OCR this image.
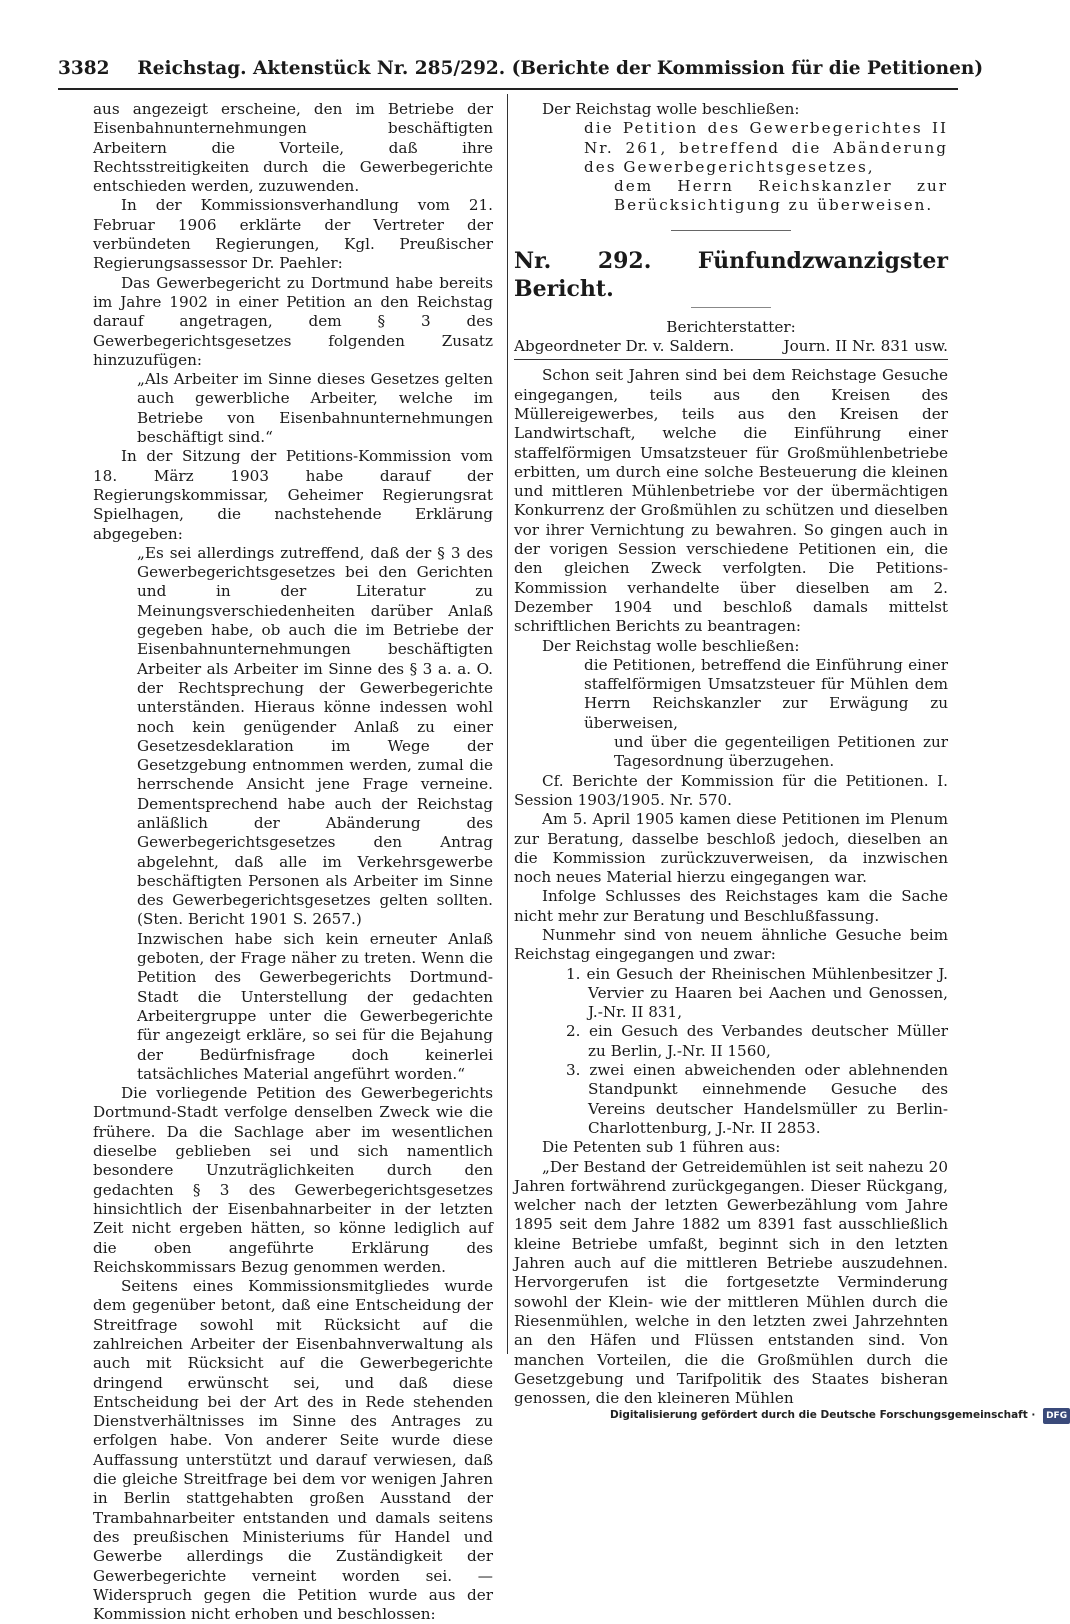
3382 Reichstag. Aktenstück Nr. 285/292. (Berichte der Kommission für die Petitionen)

aus angezeigt erscheine, den im Betriebe der Eisenbahnunternehmungen beschäftigten Arbeitern die Vorteile, daß ihre Rechtsstreitigkeiten durch die Gewerbegerichte entschieden werden, zuzuwenden.

In der Kommissionsverhandlung vom 21. Februar 1906 erklärte der Vertreter der verbündeten Regierungen, Kgl. Preußischer Regierungsassessor Dr. Paehler:

Das Gewerbegericht zu Dortmund habe bereits im Jahre 1902 in einer Petition an den Reichstag darauf angetragen, dem § 3 des Gewerbegerichtsgesetzes folgenden Zusatz hinzuzufügen:

„Als Arbeiter im Sinne dieses Gesetzes gelten auch gewerbliche Arbeiter, welche im Betriebe von Eisenbahnunternehmungen beschäftigt sind.“

In der Sitzung der Petitions-Kommission vom 18. März 1903 habe darauf der Regierungskommissar, Geheimer Regierungsrat Spielhagen, die nachstehende Erklärung abgegeben:

„Es sei allerdings zutreffend, daß der § 3 des Gewerbegerichtsgesetzes bei den Gerichten und in der Literatur zu Meinungsverschiedenheiten darüber Anlaß gegeben habe, ob auch die im Betriebe der Eisenbahnunternehmungen beschäftigten Arbeiter als Arbeiter im Sinne des § 3 a. a. O. der Rechtsprechung der Gewerbegerichte unterständen. Hieraus könne indessen wohl noch kein genügender Anlaß zu einer Gesetzesdeklaration im Wege der Gesetzgebung entnommen werden, zumal die herrschende Ansicht jene Frage verneine. Dementsprechend habe auch der Reichstag anläßlich der Abänderung des Gewerbegerichtsgesetzes den Antrag abgelehnt, daß alle im Verkehrsgewerbe beschäftigten Personen als Arbeiter im Sinne des Gewerbegerichtsgesetzes gelten sollten. (Sten. Bericht 1901 S. 2657.)

Inzwischen habe sich kein erneuter Anlaß geboten, der Frage näher zu treten. Wenn die Petition des Gewerbegerichts Dortmund-Stadt die Unterstellung der gedachten Arbeitergruppe unter die Gewerbegerichte für angezeigt erkläre, so sei für die Bejahung der Bedürfnisfrage doch keinerlei tatsächliches Material angeführt worden.“

Die vorliegende Petition des Gewerbegerichts Dortmund-Stadt verfolge denselben Zweck wie die frühere. Da die Sachlage aber im wesentlichen dieselbe geblieben sei und sich namentlich besondere Unzuträglichkeiten durch den gedachten § 3 des Gewerbegerichtsgesetzes hinsichtlich der Eisenbahnarbeiter in der letzten Zeit nicht ergeben hätten, so könne lediglich auf die oben angeführte Erklärung des Reichskommissars Bezug genommen werden.

Seitens eines Kommissionsmitgliedes wurde dem gegenüber betont, daß eine Entscheidung der Streitfrage sowohl mit Rücksicht auf die zahlreichen Arbeiter der Eisenbahnverwaltung als auch mit Rücksicht auf die Gewerbegerichte dringend erwünscht sei, und daß diese Entscheidung bei der Art des in Rede stehenden Dienstverhältnisses im Sinne des Antrages zu erfolgen habe. Von anderer Seite wurde diese Auffassung unterstützt und darauf verwiesen, daß die gleiche Streitfrage bei dem vor wenigen Jahren in Berlin stattgehabten großen Ausstand der Trambahnarbeiter entstanden und damals seitens des preußischen Ministeriums für Handel und Gewerbe allerdings die Zuständigkeit der Gewerbegerichte verneint worden sei. — Widerspruch gegen die Petition wurde aus der Kommission nicht erhoben und beschlossen:

Der Reichstag wolle beschließen:

die Petition des Gewerbegerichtes II Nr. 261, betreffend die Abänderung des Gewerbegerichtsgesetzes,

dem Herrn Reichskanzler zur Berücksichtigung zu überweisen.

Nr. 292. Fünfundzwanzigster Bericht.

Berichterstatter:

Abgeordneter Dr. v. Saldern.	Journ. II Nr. 831 usw.

Schon seit Jahren sind bei dem Reichstage Gesuche eingegangen, teils aus den Kreisen des Müllereigewerbes, teils aus den Kreisen der Landwirtschaft, welche die Einführung einer staffelförmigen Umsatzsteuer für Großmühlenbetriebe erbitten, um durch eine solche Besteuerung die kleinen und mittleren Mühlenbetriebe vor der übermächtigen Konkurrenz der Großmühlen zu schützen und dieselben vor ihrer Vernichtung zu bewahren. So gingen auch in der vorigen Session verschiedene Petitionen ein, die den gleichen Zweck verfolgten. Die Petitions-Kommission verhandelte über dieselben am 2. Dezember 1904 und beschloß damals mittelst schriftlichen Berichts zu beantragen:

Der Reichstag wolle beschließen:

die Petitionen, betreffend die Einführung einer staffelförmigen Umsatzsteuer für Mühlen dem Herrn Reichskanzler zur Erwägung zu überweisen,

und über die gegenteiligen Petitionen zur Tagesordnung überzugehen.

Cf. Berichte der Kommission für die Petitionen. I. Session 1903/1905. Nr. 570.

Am 5. April 1905 kamen diese Petitionen im Plenum zur Beratung, dasselbe beschloß jedoch, dieselben an die Kommission zurückzuverweisen, da inzwischen noch neues Material hierzu eingegangen war.

Infolge Schlusses des Reichstages kam die Sache nicht mehr zur Beratung und Beschlußfassung.

Nunmehr sind von neuem ähnliche Gesuche beim Reichstag eingegangen und zwar:

1. ein Gesuch der Rheinischen Mühlenbesitzer J. Vervier zu Haaren bei Aachen und Genossen, J.-Nr. II 831,

2. ein Gesuch des Verbandes deutscher Müller zu Berlin, J.-Nr. II 1560,

3. zwei einen abweichenden oder ablehnenden Standpunkt einnehmende Gesuche des Vereins deutscher Handelsmüller zu Berlin-Charlottenburg, J.-Nr. II 2853.

Die Petenten sub 1 führen aus:

„Der Bestand der Getreidemühlen ist seit nahezu 20 Jahren fortwährend zurückgegangen. Dieser Rückgang, welcher nach der letzten Gewerbezählung vom Jahre 1895 seit dem Jahre 1882 um 8391 fast ausschließlich kleine Betriebe umfaßt, beginnt sich in den letzten Jahren auch auf die mittleren Betriebe auszudehnen. Hervorgerufen ist die fortgesetzte Verminderung sowohl der Klein- wie der mittleren Mühlen durch die Riesenmühlen, welche in den letzten zwei Jahrzehnten an den Häfen und Flüssen entstanden sind. Von manchen Vorteilen, die die Großmühlen durch die Gesetzgebung und Tarifpolitik des Staates bisheran genossen, die den kleineren Mühlen

Digitalisierung gefördert durch die Deutsche Forschungsgemeinschaft · DFG
